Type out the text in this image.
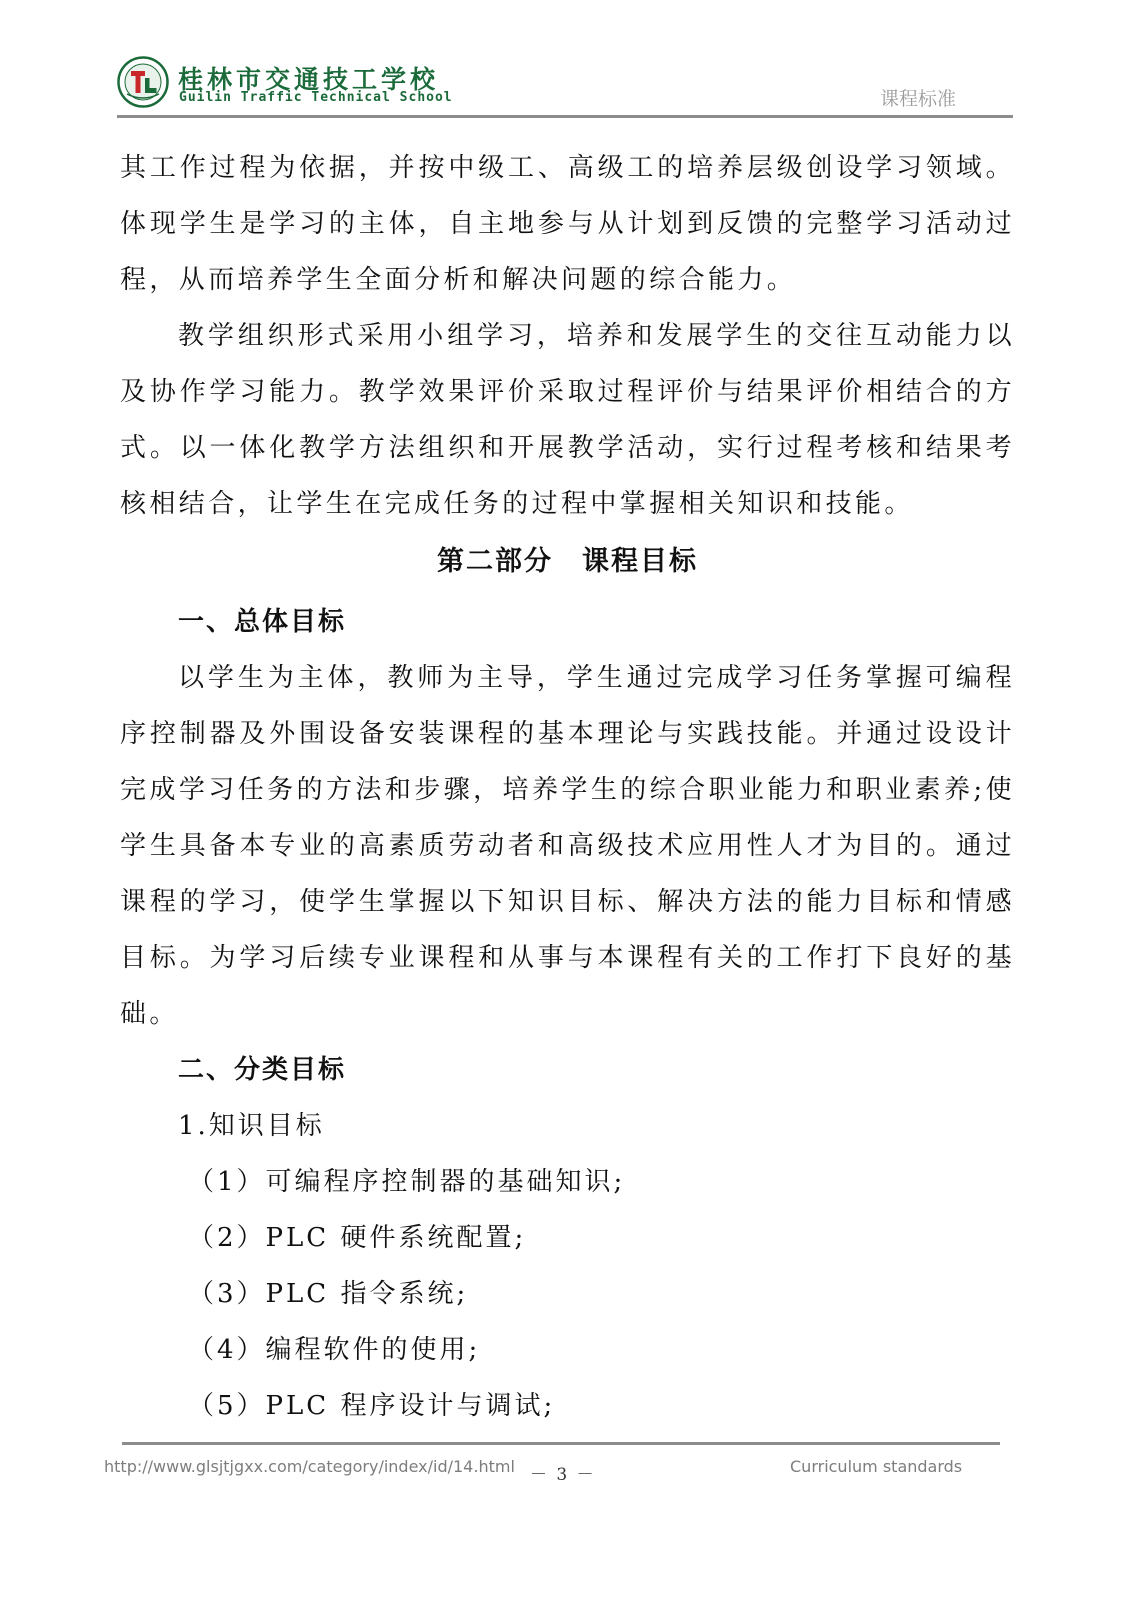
桂林市交通技工学校
Guilin Traffic Technical School	课程标准

其工作过程为依据，并按中级工、高级工的培养层级创设学习领域。体现学生是学习的主体，自主地参与从计划到反馈的完整学习活动过程，从而培养学生全面分析和解决问题的综合能力。

教学组织形式采用小组学习，培养和发展学生的交往互动能力以及协作学习能力。教学效果评价采取过程评价与结果评价相结合的方式。以一体化教学方法组织和开展教学活动，实行过程考核和结果考核相结合，让学生在完成任务的过程中掌握相关知识和技能。

第二部分　课程目标
一、总体目标

以学生为主体，教师为主导，学生通过完成学习任务掌握可编程序控制器及外围设备安装课程的基本理论与实践技能。并通过设设计完成学习任务的方法和步骤，培养学生的综合职业能力和职业素养;使学生具备本专业的高素质劳动者和高级技术应用性人才为目的。通过课程的学习，使学生掌握以下知识目标、解决方法的能力目标和情感目标。为学习后续专业课程和从事与本课程有关的工作打下良好的基础。

二、分类目标
1.知识目标
（1）可编程序控制器的基础知识;
（2）PLC 硬件系统配置;
（3）PLC 指令系统;
（4）编程软件的使用;
（5）PLC 程序设计与调试;
http://www.glsjtjgxx.com/category/index/id/14.html － 3 －	Curriculum standards
